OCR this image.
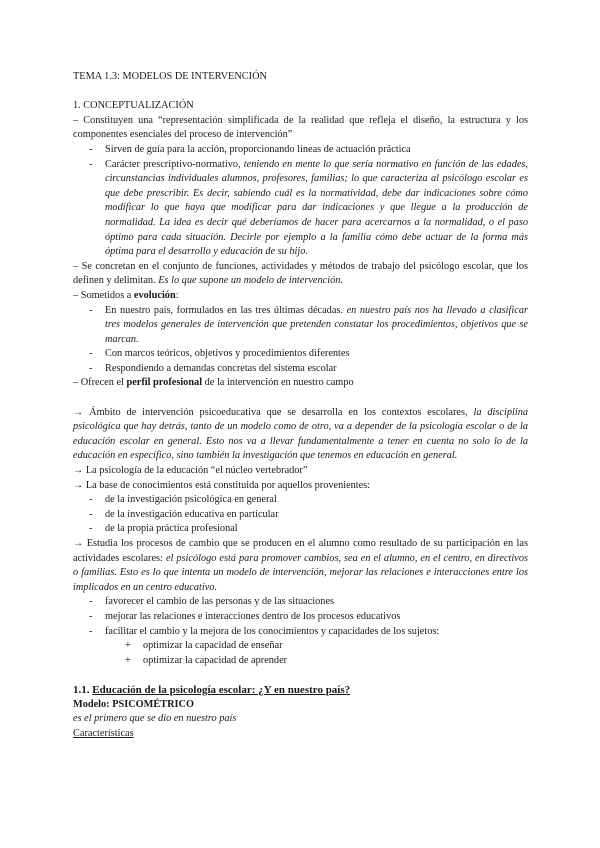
TEMA 1.3: MODELOS DE INTERVENCIÓN
1. CONCEPTUALIZACIÓN
– Constituyen una “representación simplificada de la realidad que refleja el diseño, la estructura y los componentes esenciales del proceso de intervención”
- Sirven de guía para la acción, proporcionando líneas de actuación práctica
- Carácter prescriptivo-normativo, teniendo en mente lo que sería normativo en función de las edades, circunstancias individuales alumnos, profesores, familias; lo que caracteriza al psicólogo escolar es que debe prescribir. Es decir, sabiendo cuál es la normatividad, debe dar indicaciones sobre cómo modificar lo que haya que modificar para dar indicaciones y que llegue a la producción de normalidad. La idea es decir qué deberíamos de hacer para acercarnos a la normalidad, o el paso óptimo para cada situación. Decirle por ejemplo a la familia cómo debe actuar de la forma más óptima para el desarrollo y educación de su hijo.
– Se concretan en el conjunto de funciones, actividades y métodos de trabajo del psicólogo escolar, que los definen y delimitan. Es lo que supone un modelo de intervención.
– Sometidos a evolución:
- En nuestro país, formulados en las tres últimas décadas. en nuestro país nos ha llevado a clasificar tres modelos generales de intervención que pretenden constatar los procedimientos, objetivos que se marcan.
- Con marcos teóricos, objetivos y procedimientos diferentes
- Respondiendo a demandas concretas del sistema escolar
– Ofrecen el perfil profesional de la intervención en nuestro campo
→ Ámbito de intervención psicoeducativa que se desarrolla en los contextos escolares, la disciplina psicológica que hay detrás, tanto de un modelo como de otro, va a depender de la psicología escolar o de la educación escolar en general. Esto nos va a llevar fundamentalmente a tener en cuenta no solo lo de la educación en específico, sino también la investigación que tenemos en educación en general.
→ La psicología de la educación “el núcleo vertebrador”
→ La base de conocimientos está constituida por aquellos provenientes:
- de la investigación psicológica en general
- de la investigación educativa en particular
- de la propia práctica profesional
→ Estudia los procesos de cambio que se producen en el alumno como resultado de su participación en las actividades escolares: el psicólogo está para promover cambios, sea en el alumno, en el centro, en directivos o familias. Esto es lo que intenta un modelo de intervención, mejorar las relaciones e interacciones entre los implicados en un centro educativo.
- favorecer el cambio de las personas y de las situaciones
- mejorar las relaciones e interacciones dentro de los procesos educativos
- facilitar el cambio y la mejora de los conocimientos y capacidades de los sujetos:
+ optimizar la capacidad de enseñar
+ optimizar la capacidad de aprender
1.1. Educación de la psicología escolar: ¿Y en nuestro país?
Modelo: PSICOMÉTRICO
es el primero que se dio en nuestro país
Características
